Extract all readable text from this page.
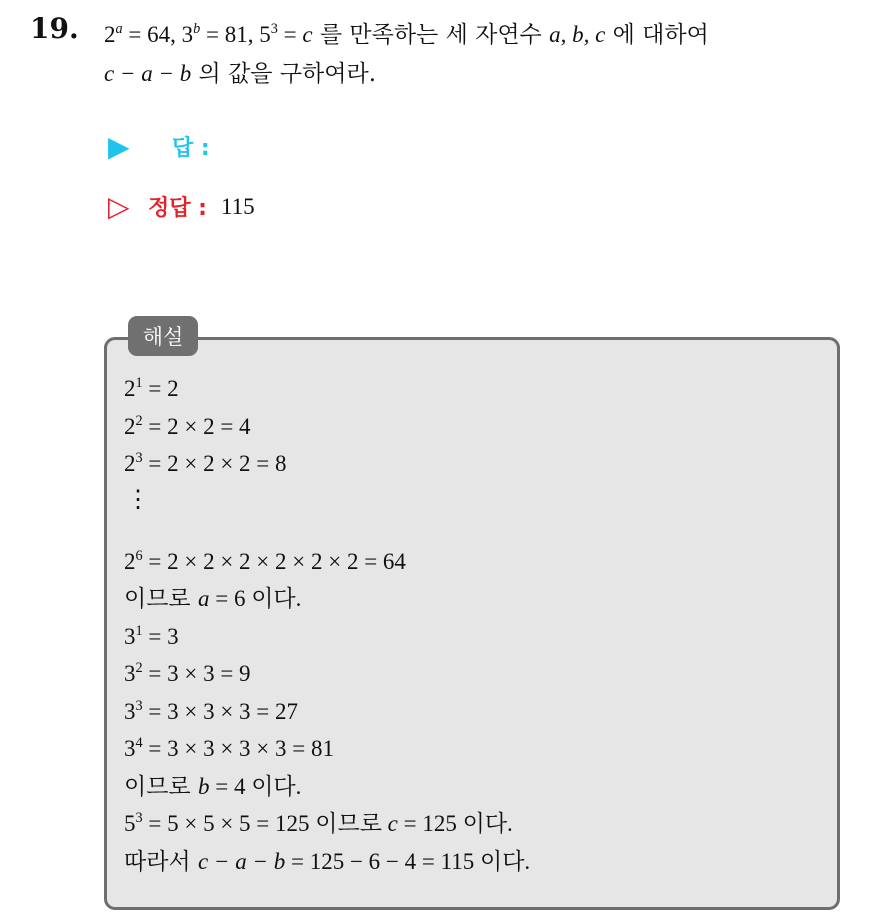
19. $2^a = 64$, $3^b = 81$, $5^3 = c$ 를 만족하는 세 자연수 a, b, c 에 대하여
c − a − b 의 값을 구하여라.
▶	답 :
▷ 정답 : 115
해설
$2^1 = 2$
$2^2 = 2 \times 2 = 4$
$2^3 = 2 \times 2 \times 2 = 8$
⋮
$2^6 = 2 \times 2 \times 2 \times 2 \times 2 \times 2 = 64$
이므로 a = 6 이다.
$3^1 = 3$
$3^2 = 3 \times 3 = 9$
$3^3 = 3 \times 3 \times 3 = 27$
$3^4 = 3 \times 3 \times 3 \times 3 = 81$
이므로 b = 4 이다.
$5^3 = 5 \times 5 \times 5 = 125$ 이므로 c = 125 이다.
따라서 c − a − b = 125 − 6 − 4 = 115 이다.
